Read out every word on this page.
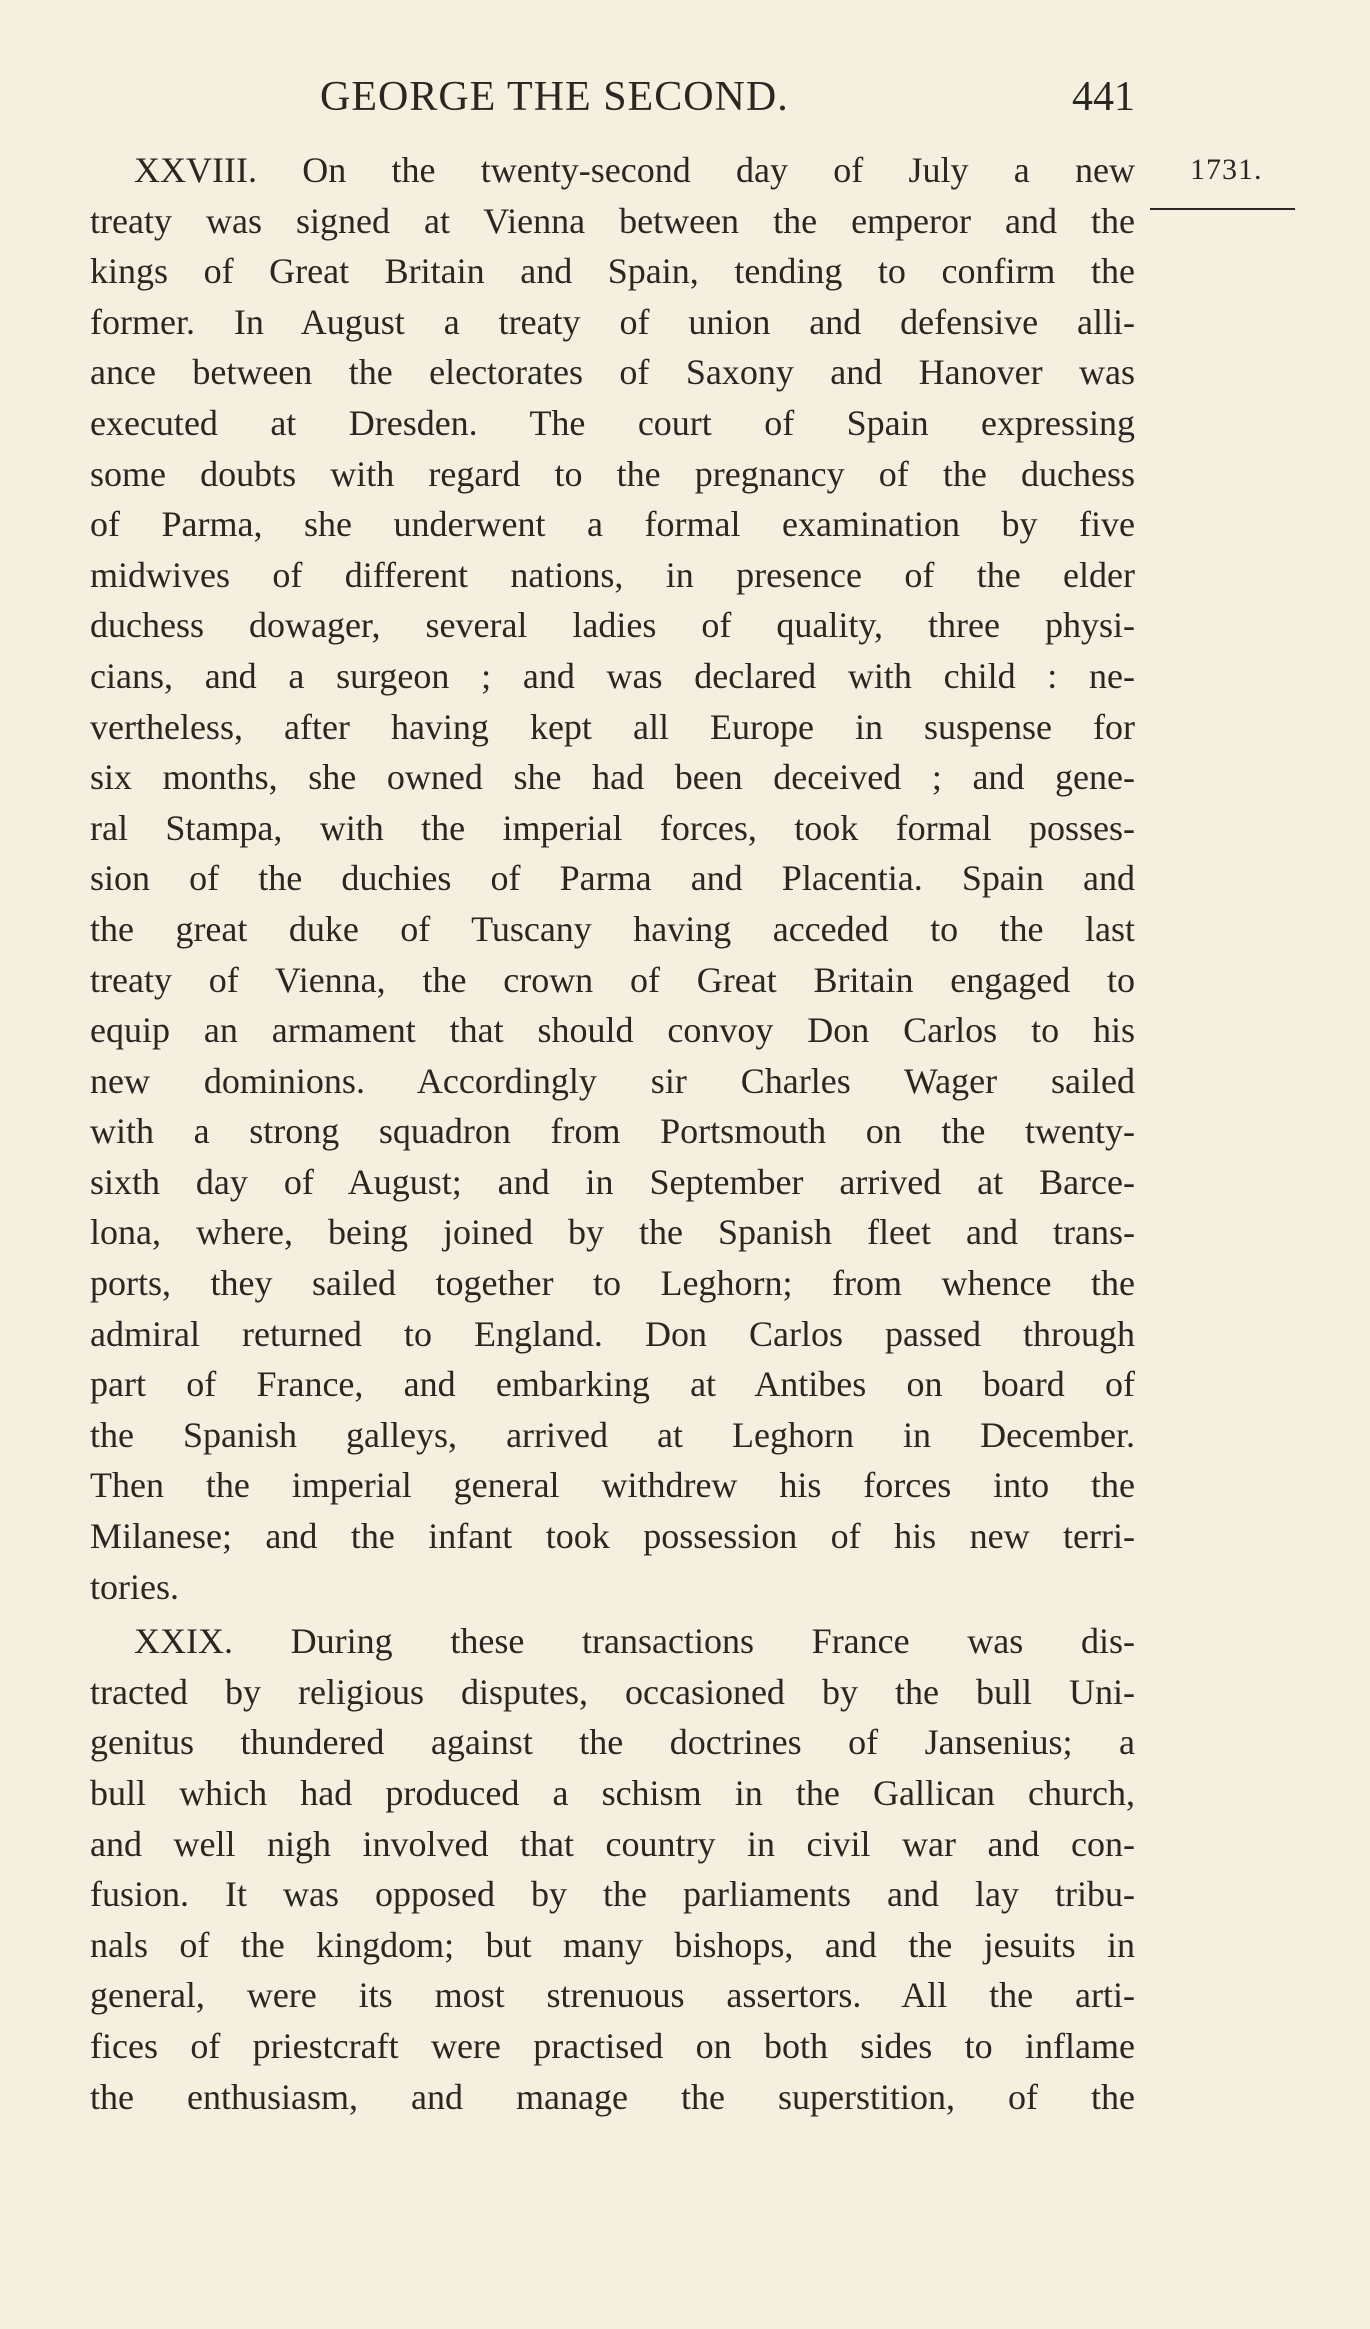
GEORGE THE SECOND.	441
1731.
XXVIII. On the twenty-second day of July a new
treaty was signed at Vienna between the emperor and the
kings of Great Britain and Spain, tending to confirm the
former. In August a treaty of union and defensive alli-
ance between the electorates of Saxony and Hanover was
executed at Dresden. The court of Spain expressing
some doubts with regard to the pregnancy of the duchess
of Parma, she underwent a formal examination by five
midwives of different nations, in presence of the elder
duchess dowager, several ladies of quality, three physi-
cians, and a surgeon ; and was declared with child : ne-
vertheless, after having kept all Europe in suspense for
six months, she owned she had been deceived ; and gene-
ral Stampa, with the imperial forces, took formal posses-
sion of the duchies of Parma and Placentia. Spain and
the great duke of Tuscany having acceded to the last
treaty of Vienna, the crown of Great Britain engaged to
equip an armament that should convoy Don Carlos to his
new dominions. Accordingly sir Charles Wager sailed
with a strong squadron from Portsmouth on the twenty-
sixth day of August; and in September arrived at Barce-
lona, where, being joined by the Spanish fleet and trans-
ports, they sailed together to Leghorn; from whence the
admiral returned to England. Don Carlos passed through
part of France, and embarking at Antibes on board of
the Spanish galleys, arrived at Leghorn in December.
Then the imperial general withdrew his forces into the
Milanese; and the infant took possession of his new terri-
tories.
XXIX. During these transactions France was dis-
tracted by religious disputes, occasioned by the bull Uni-
genitus thundered against the doctrines of Jansenius; a
bull which had produced a schism in the Gallican church,
and well nigh involved that country in civil war and con-
fusion. It was opposed by the parliaments and lay tribu-
nals of the kingdom; but many bishops, and the jesuits in
general, were its most strenuous assertors. All the arti-
fices of priestcraft were practised on both sides to inflame
the enthusiasm, and manage the superstition, of the
